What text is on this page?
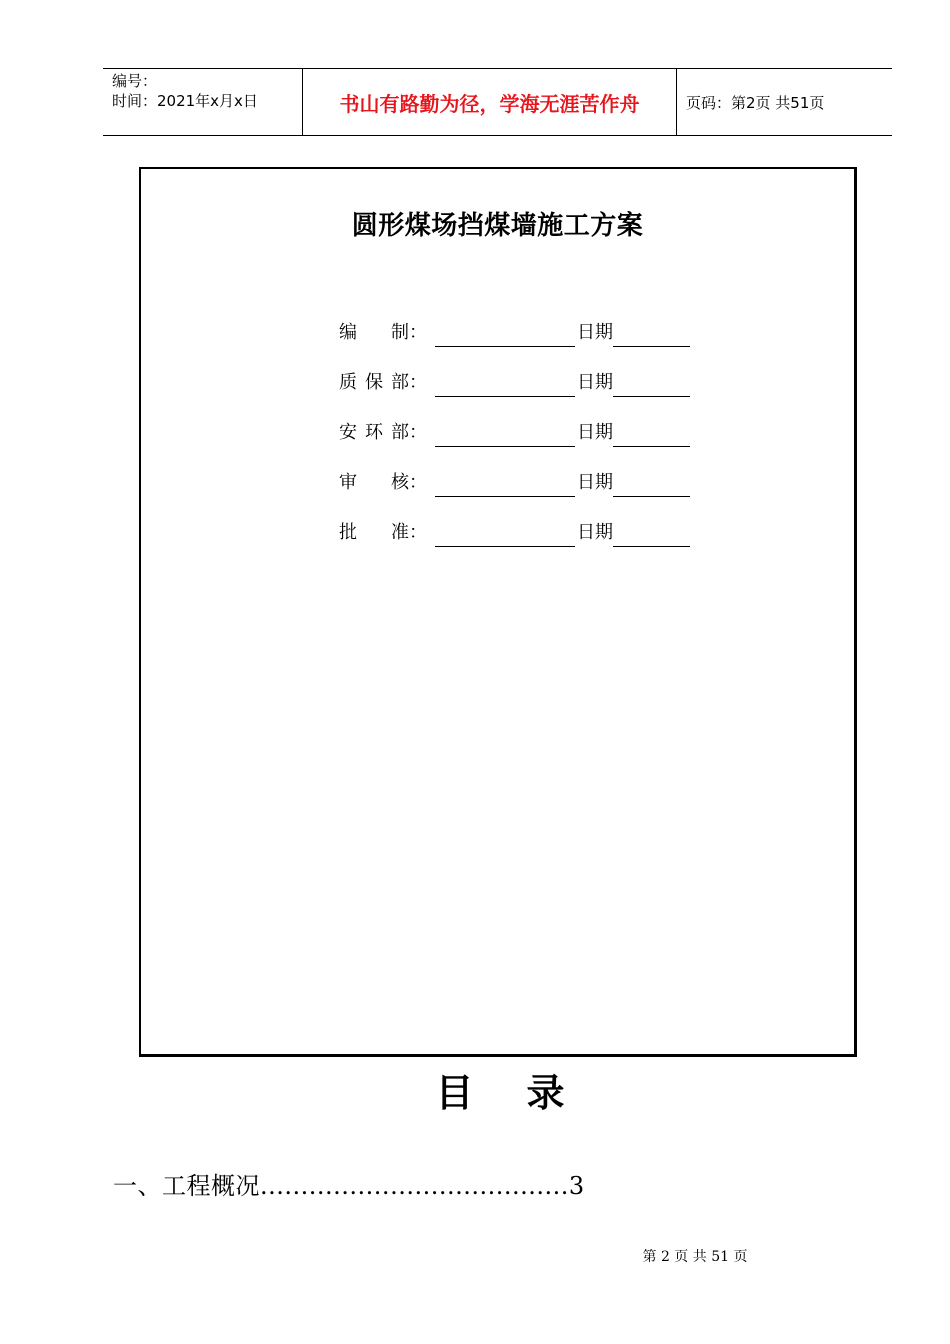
编号：
时间：2021年x月x日	书山有路勤为径，学海无涯苦作舟	页码：第2页 共51页
圆形煤场挡煤墙施工方案
编 制 ：	日期
质 保 部 ：	日期
安 环 部 ：	日期
审 核 ：	日期
批 准 ：	日期
目    录
一、工程概况......................................3
第 2 页 共 51 页
